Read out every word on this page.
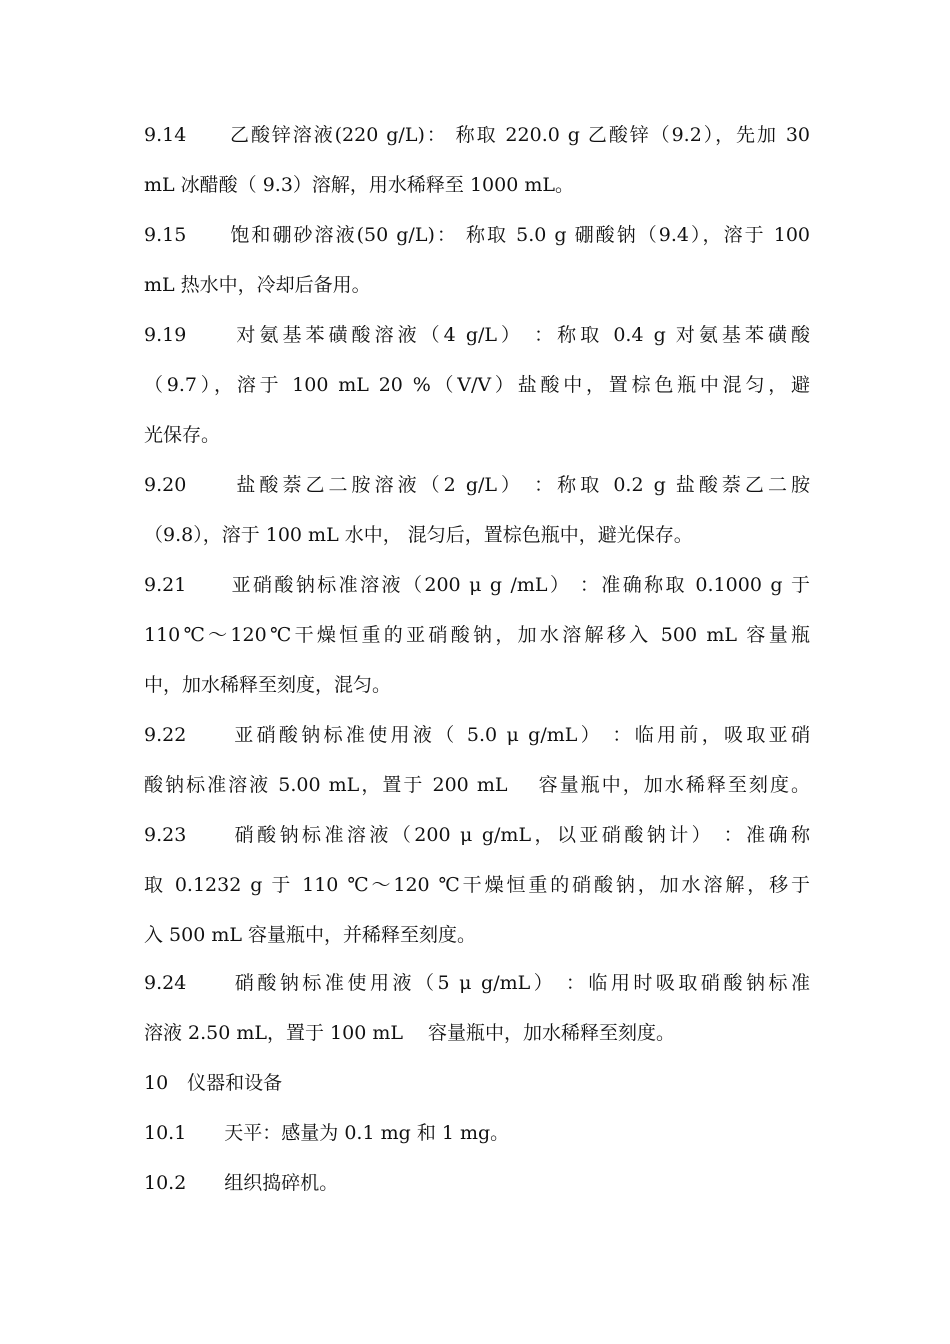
9.14　　乙酸锌溶液(220 g/L)： 称取 220.0 g 乙酸锌（9.2），先加 30
mL 冰醋酸（ 9.3）溶解，用水稀释至 1000 mL。
9.15　　饱和硼砂溶液(50 g/L)： 称取 5.0 g 硼酸钠（9.4），溶于 100
mL 热水中，冷却后备用。
9.19　　对氨基苯磺酸溶液（4 g/L） ：称取 0.4 g 对氨基苯磺酸
（9.7），溶于 100 mL 20 %（V/V）盐酸中，置棕色瓶中混匀，避
光保存。
9.20　　盐酸萘乙二胺溶液（2 g/L） ：称取 0.2 g 盐酸萘乙二胺
（9.8），溶于 100 mL 水中， 混匀后，置棕色瓶中，避光保存。
9.21　　亚硝酸钠标准溶液（200 μ g /mL） ：准确称取 0.1000 g 于
110℃～120℃干燥恒重的亚硝酸钠，加水溶解移入 500 mL 容量瓶
中，加水稀释至刻度，混匀。
9.22　　亚硝酸钠标准使用液（ 5.0 μ g/mL） ：临用前，吸取亚硝
酸钠标准溶液 5.00 mL，置于 200 mL　 容量瓶中，加水稀释至刻度。
9.23　　硝酸钠标准溶液（200 μ g/mL，以亚硝酸钠计） ：准确称
取 0.1232 g 于 110 ℃～120 ℃干燥恒重的硝酸钠，加水溶解，移于
入 500 mL 容量瓶中，并稀释至刻度。
9.24　　硝酸钠标准使用液（5 μ g/mL） ：临用时吸取硝酸钠标准
溶液 2.50 mL，置于 100 mL　 容量瓶中，加水稀释至刻度。
10　仪器和设备
10.1　　天平：感量为 0.1 mg 和 1 mg。
10.2　　组织捣碎机。
